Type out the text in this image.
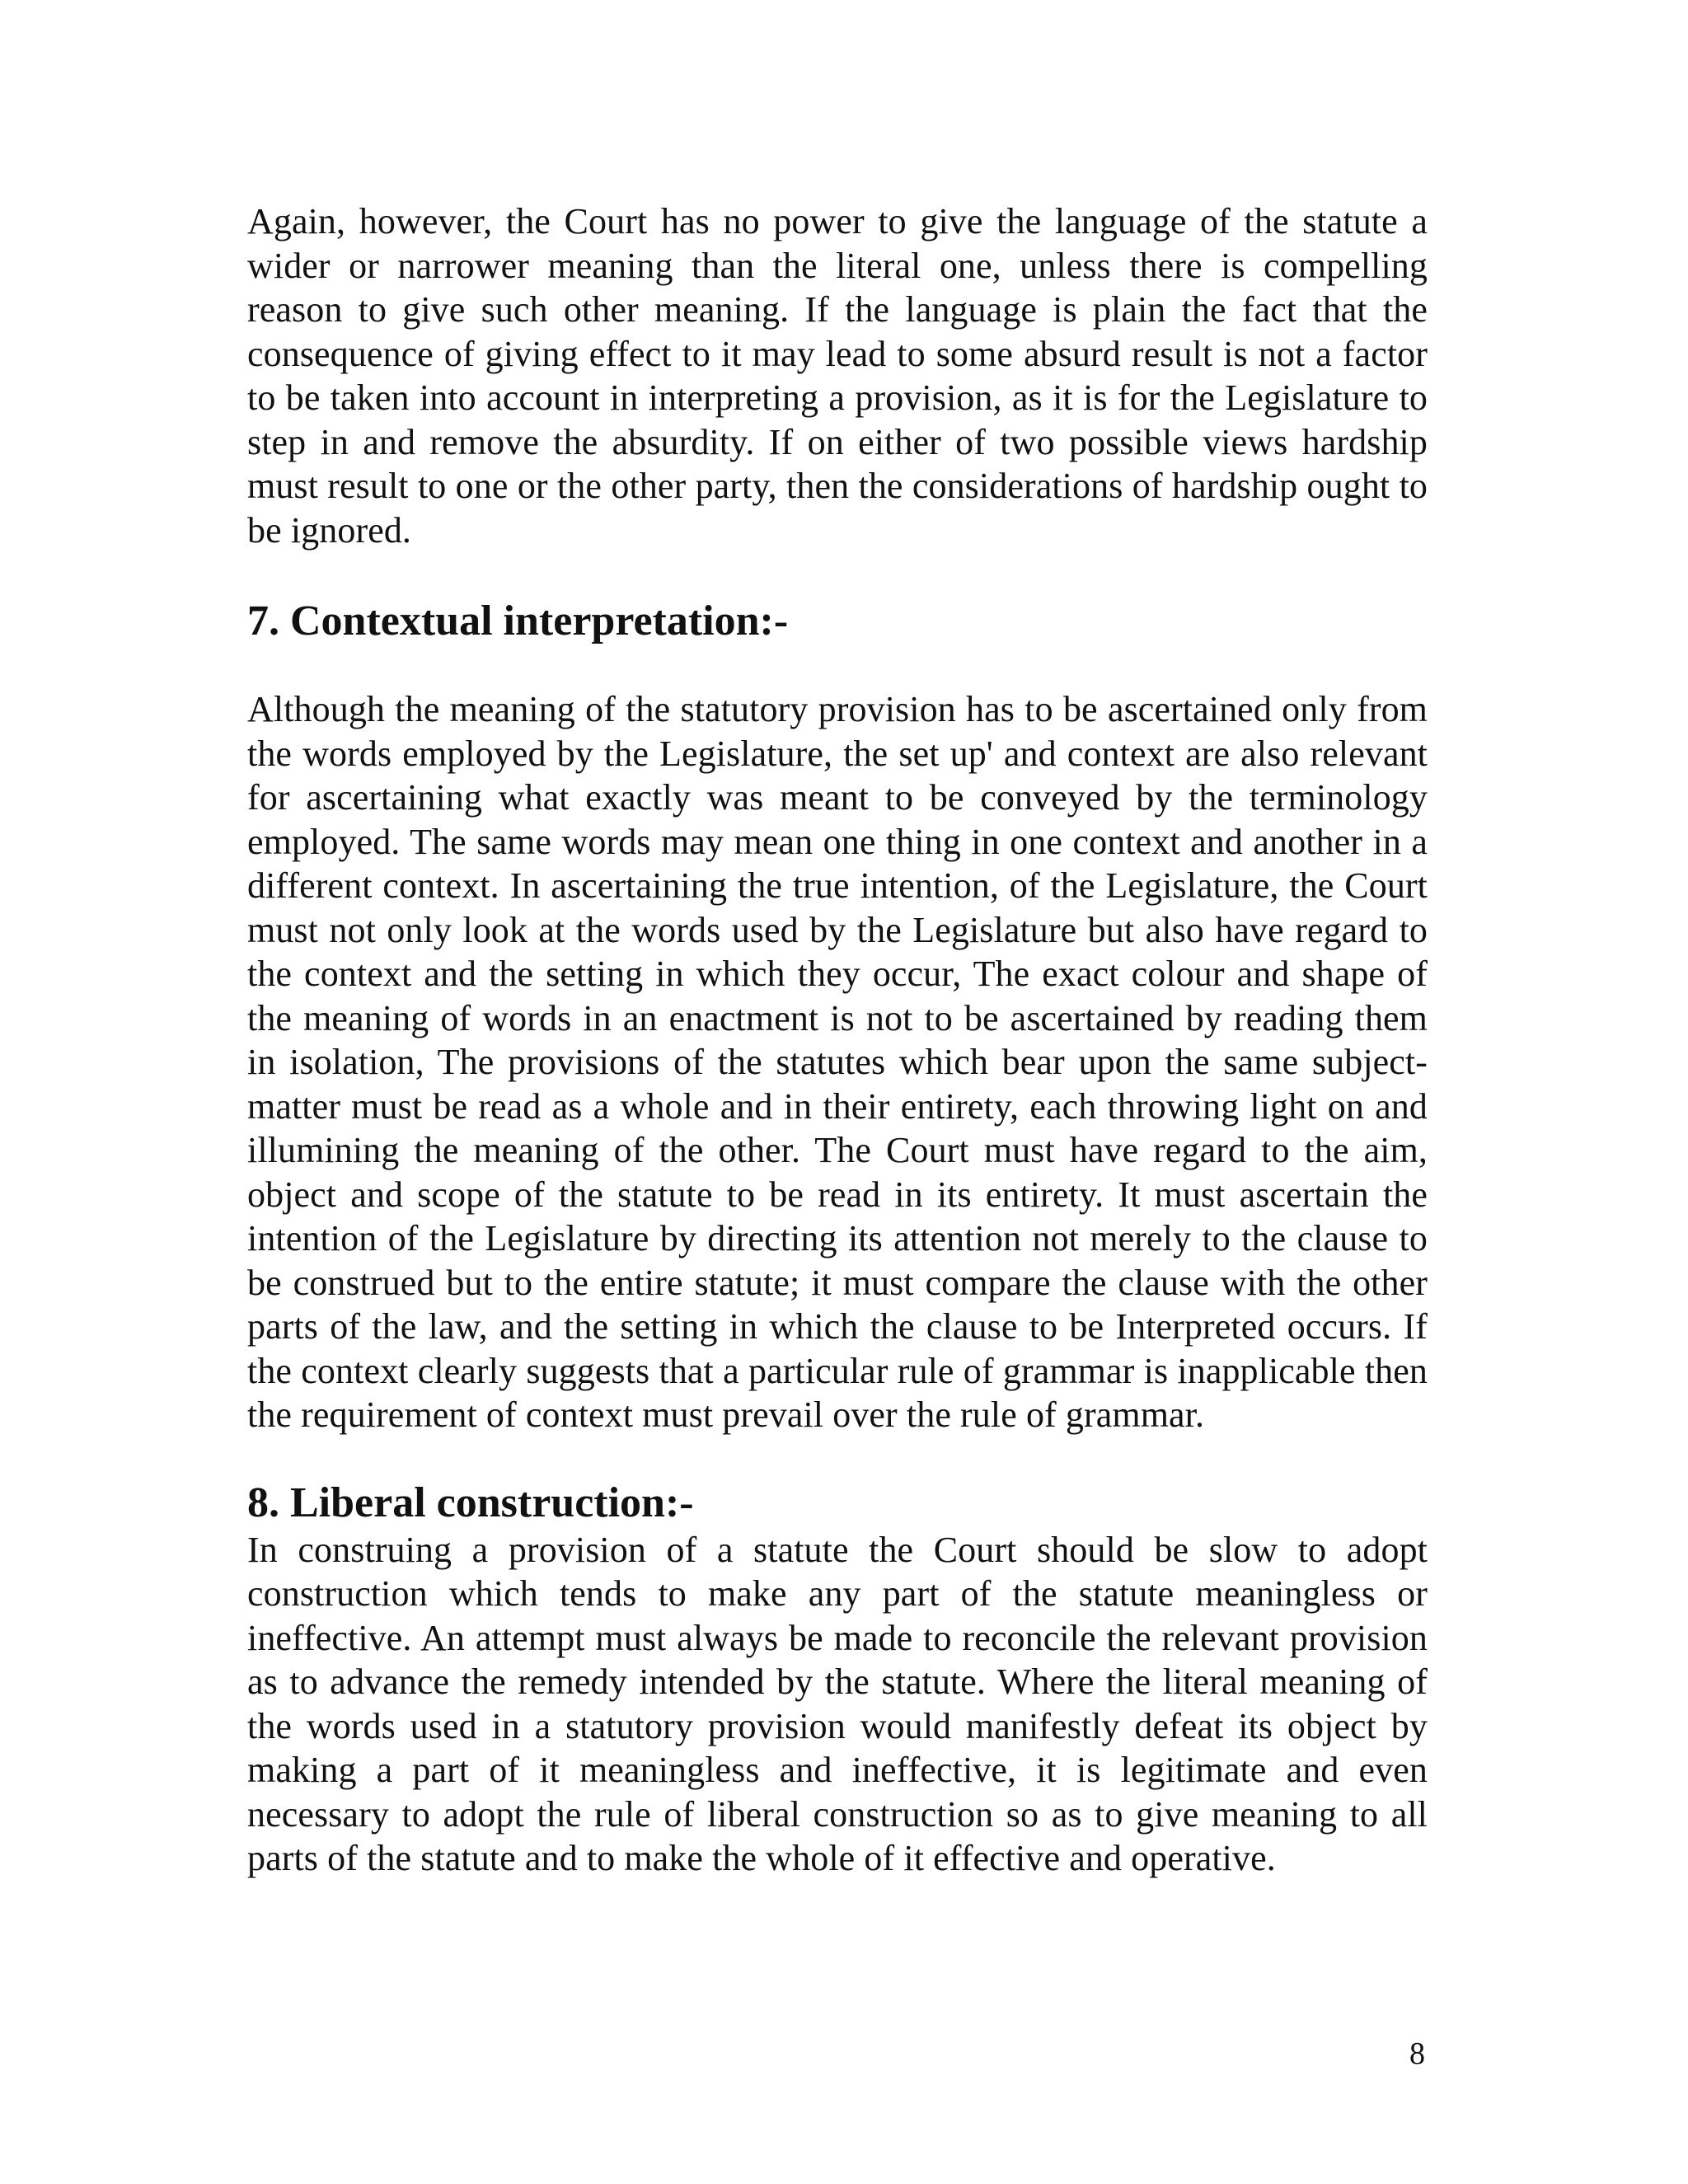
Again, however, the Court has no power to give the language of the statute a wider or narrower meaning than the literal one, unless there is compelling reason to give such other meaning. If the language is plain the fact that the consequence of giving effect to it may lead to some absurd result is not a factor to be taken into account in interpreting a provision, as it is for the Legislature to step in and remove the absurdity. If on either of two possible views hardship must result to one or the other party, then the considerations of hardship ought to be ignored.

7. Contextual interpretation:-

Although the meaning of the statutory provision has to be ascertained only from the words employed by the Legislature, the set up' and context are also relevant for ascertaining what exactly was meant to be conveyed by the terminology employed. The same words may mean one thing in one context and another in a different context. In ascertaining the true intention, of the Legislature, the Court must not only look at the words used by the Legislature but also have regard to the context and the setting in which they occur, The exact colour and shape of the meaning of words in an enactment is not to be ascertained by reading them in isolation, The provisions of the statutes which bear upon the same subject-matter must be read as a whole and in their entirety, each throwing light on and illumining the meaning of the other. The Court must have regard to the aim, object and scope of the statute to be read in its entirety. It must ascertain the intention of the Legislature by directing its attention not merely to the clause to be construed but to the entire statute; it must compare the clause with the other parts of the law, and the setting in which the clause to be Interpreted occurs. If the context clearly suggests that a particular rule of grammar is inapplicable then the requirement of context must prevail over the rule of grammar.

8. Liberal construction:-

In construing a provision of a statute the Court should be slow to adopt construction which tends to make any part of the statute meaningless or ineffective. An attempt must always be made to reconcile the relevant provision as to advance the remedy intended by the statute. Where the literal meaning of the words used in a statutory provision would manifestly defeat its object by making a part of it meaningless and ineffective, it is legitimate and even necessary to adopt the rule of liberal construction so as to give meaning to all parts of the statute and to make the whole of it effective and operative.

8
